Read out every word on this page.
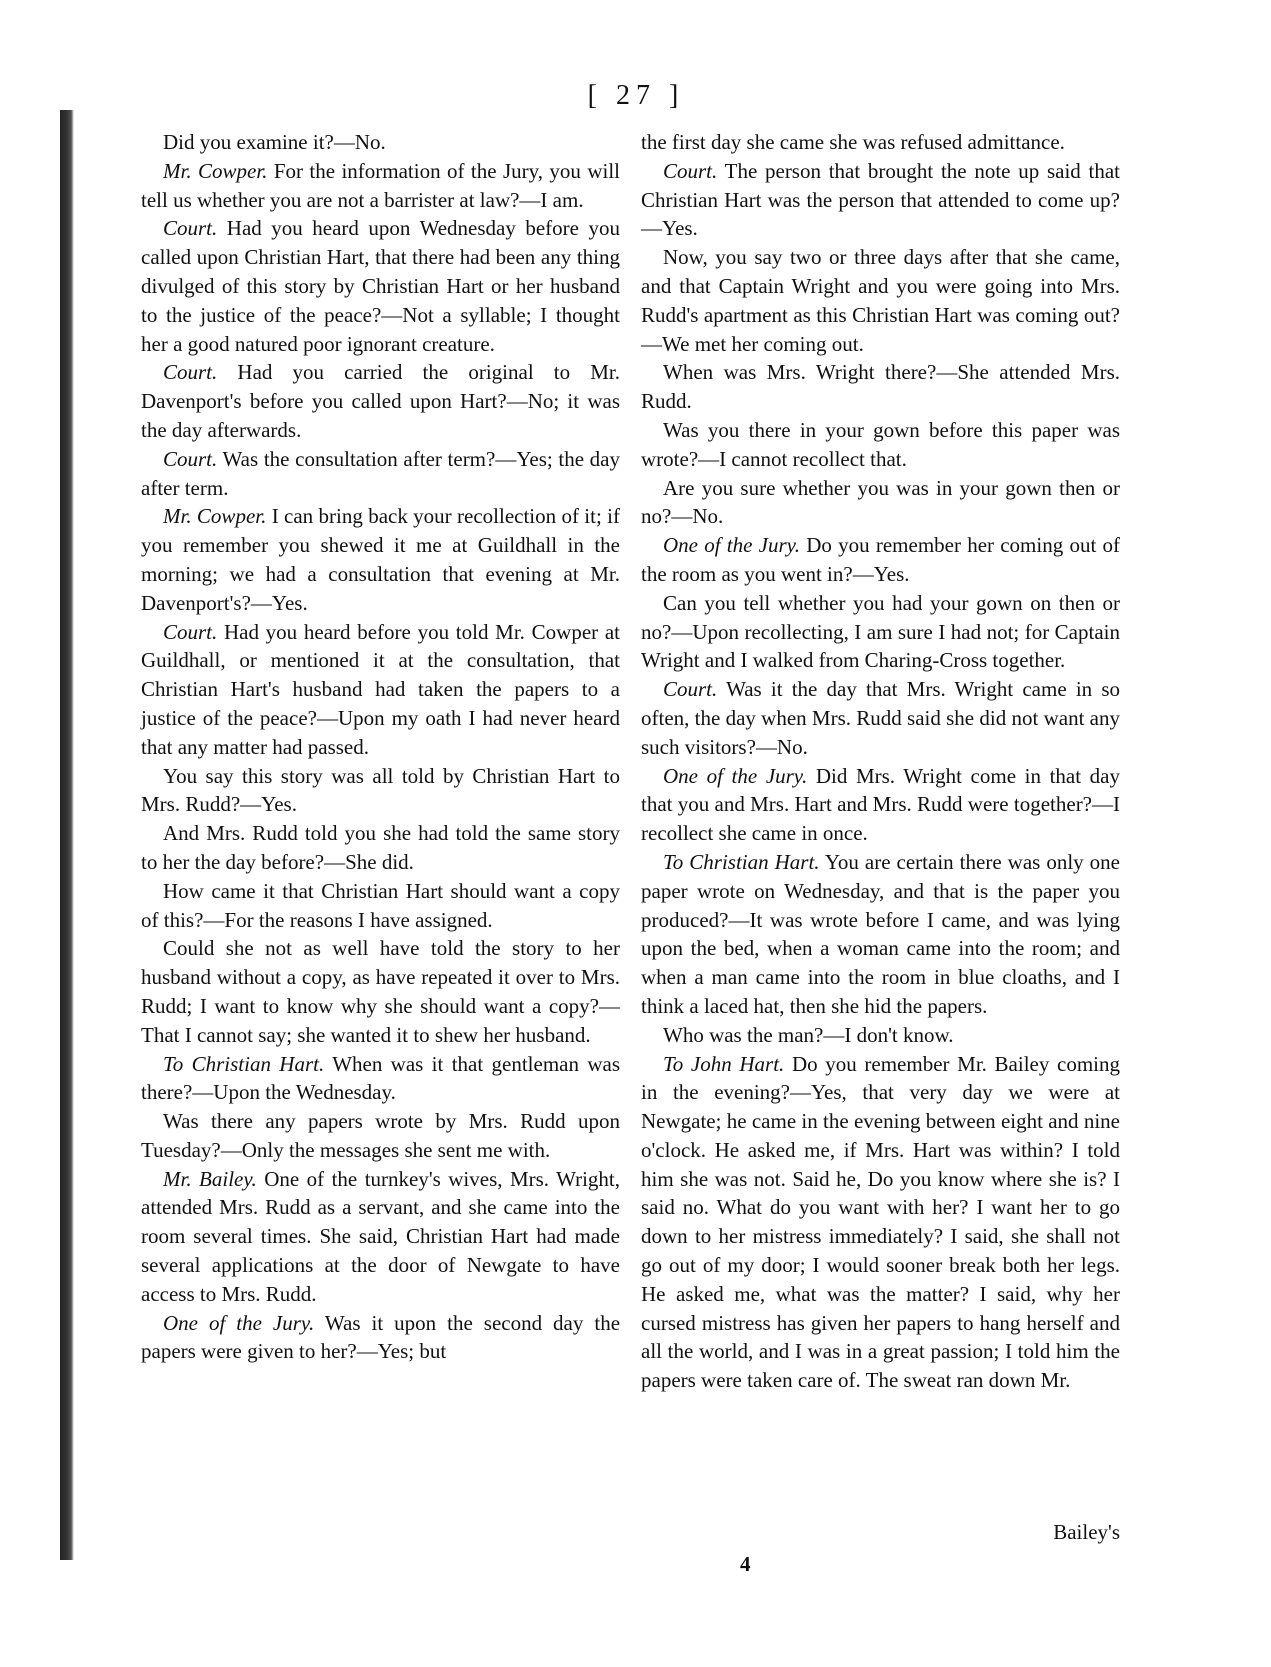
[ 27 ]

Did you examine it?—No.

Mr. Cowper. For the information of the Jury, you will tell us whether you are not a barrister at law?—I am.

Court. Had you heard upon Wednesday before you called upon Christian Hart, that there had been any thing divulged of this story by Christian Hart or her husband to the justice of the peace?—Not a syllable; I thought her a good natured poor ignorant creature.

Court. Had you carried the original to Mr. Davenport's before you called upon Hart?—No; it was the day afterwards.

Court. Was the consultation after term?—Yes; the day after term.

Mr. Cowper. I can bring back your recollection of it; if you remember you shewed it me at Guildhall in the morning; we had a consultation that evening at Mr. Davenport's?—Yes.

Court. Had you heard before you told Mr. Cowper at Guildhall, or mentioned it at the consultation, that Christian Hart's husband had taken the papers to a justice of the peace?—Upon my oath I had never heard that any matter had passed.

You say this story was all told by Christian Hart to Mrs. Rudd?—Yes.

And Mrs. Rudd told you she had told the same story to her the day before?—She did.

How came it that Christian Hart should want a copy of this?—For the reasons I have assigned.

Could she not as well have told the story to her husband without a copy, as have repeated it over to Mrs. Rudd; I want to know why she should want a copy?—That I cannot say; she wanted it to shew her husband.

To Christian Hart. When was it that gentleman was there?—Upon the Wednesday.

Was there any papers wrote by Mrs. Rudd upon Tuesday?—Only the messages she sent me with.

Mr. Bailey. One of the turnkey's wives, Mrs. Wright, attended Mrs. Rudd as a servant, and she came into the room several times. She said, Christian Hart had made several applications at the door of Newgate to have access to Mrs. Rudd.

One of the Jury. Was it upon the second day the papers were given to her?—Yes; but

the first day she came she was refused admittance.

Court. The person that brought the note up said that Christian Hart was the person that attended to come up?—Yes.

Now, you say two or three days after that she came, and that Captain Wright and you were going into Mrs. Rudd's apartment as this Christian Hart was coming out?—We met her coming out.

When was Mrs. Wright there?—She attended Mrs. Rudd.

Was you there in your gown before this paper was wrote?—I cannot recollect that.

Are you sure whether you was in your gown then or no?—No.

One of the Jury. Do you remember her coming out of the room as you went in?—Yes.

Can you tell whether you had your gown on then or no?—Upon recollecting, I am sure I had not; for Captain Wright and I walked from Charing-Cross together.

Court. Was it the day that Mrs. Wright came in so often, the day when Mrs. Rudd said she did not want any such visitors?—No.

One of the Jury. Did Mrs. Wright come in that day that you and Mrs. Hart and Mrs. Rudd were together?—I recollect she came in once.

To Christian Hart. You are certain there was only one paper wrote on Wednesday, and that is the paper you produced?—It was wrote before I came, and was lying upon the bed, when a woman came into the room; and when a man came into the room in blue cloaths, and I think a laced hat, then she hid the papers.

Who was the man?—I don't know.

To John Hart. Do you remember Mr. Bailey coming in the evening?—Yes, that very day we were at Newgate; he came in the evening between eight and nine o'clock. He asked me, if Mrs. Hart was within? I told him she was not. Said he, Do you know where she is? I said no. What do you want with her? I want her to go down to her mistress immediately? I said, she shall not go out of my door; I would sooner break both her legs. He asked me, what was the matter? I said, why her cursed mistress has given her papers to hang herself and all the world, and I was in a great passion; I told him the papers were taken care of. The sweat ran down Mr.

Bailey's
4
